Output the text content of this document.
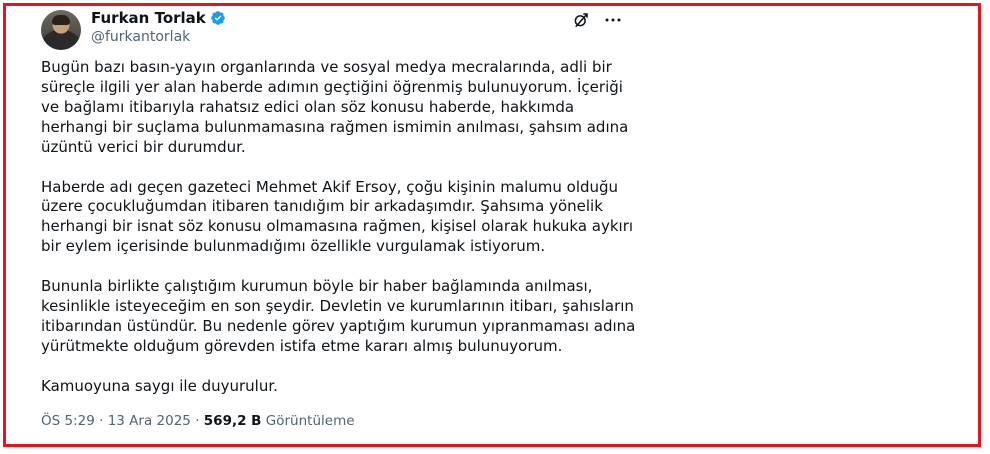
Furkan Torlak
@furkantorlak

Bugün bazı basın-yayın organlarında ve sosyal medya mecralarında, adli bir süreçle ilgili yer alan haberde adımın geçtiğini öğrenmiş bulunuyorum. İçeriği ve bağlamı itibarıyla rahatsız edici olan söz konusu haberde, hakkımda herhangi bir suçlama bulunmamasına rağmen ismimin anılması, şahsım adına üzüntü verici bir durumdur.

Haberde adı geçen gazeteci Mehmet Akif Ersoy, çoğu kişinin malumu olduğu üzere çocukluğumdan itibaren tanıdığım bir arkadaşımdır. Şahsıma yönelik herhangi bir isnat söz konusu olmamasına rağmen, kişisel olarak hukuka aykırı bir eylem içerisinde bulunmadığımı özellikle vurgulamak istiyorum.

Bununla birlikte çalıştığım kurumun böyle bir haber bağlamında anılması, kesinlikle isteyeceğim en son şeydir. Devletin ve kurumlarının itibarı, şahısların itibarından üstündür. Bu nedenle görev yaptığım kurumun yıpranmaması adına yürütmekte olduğum görevden istifa etme kararı almış bulunuyorum.

Kamuoyuna saygı ile duyurulur.

ÖS 5:29 · 13 Ara 2025 · 569,2 B Görüntüleme
